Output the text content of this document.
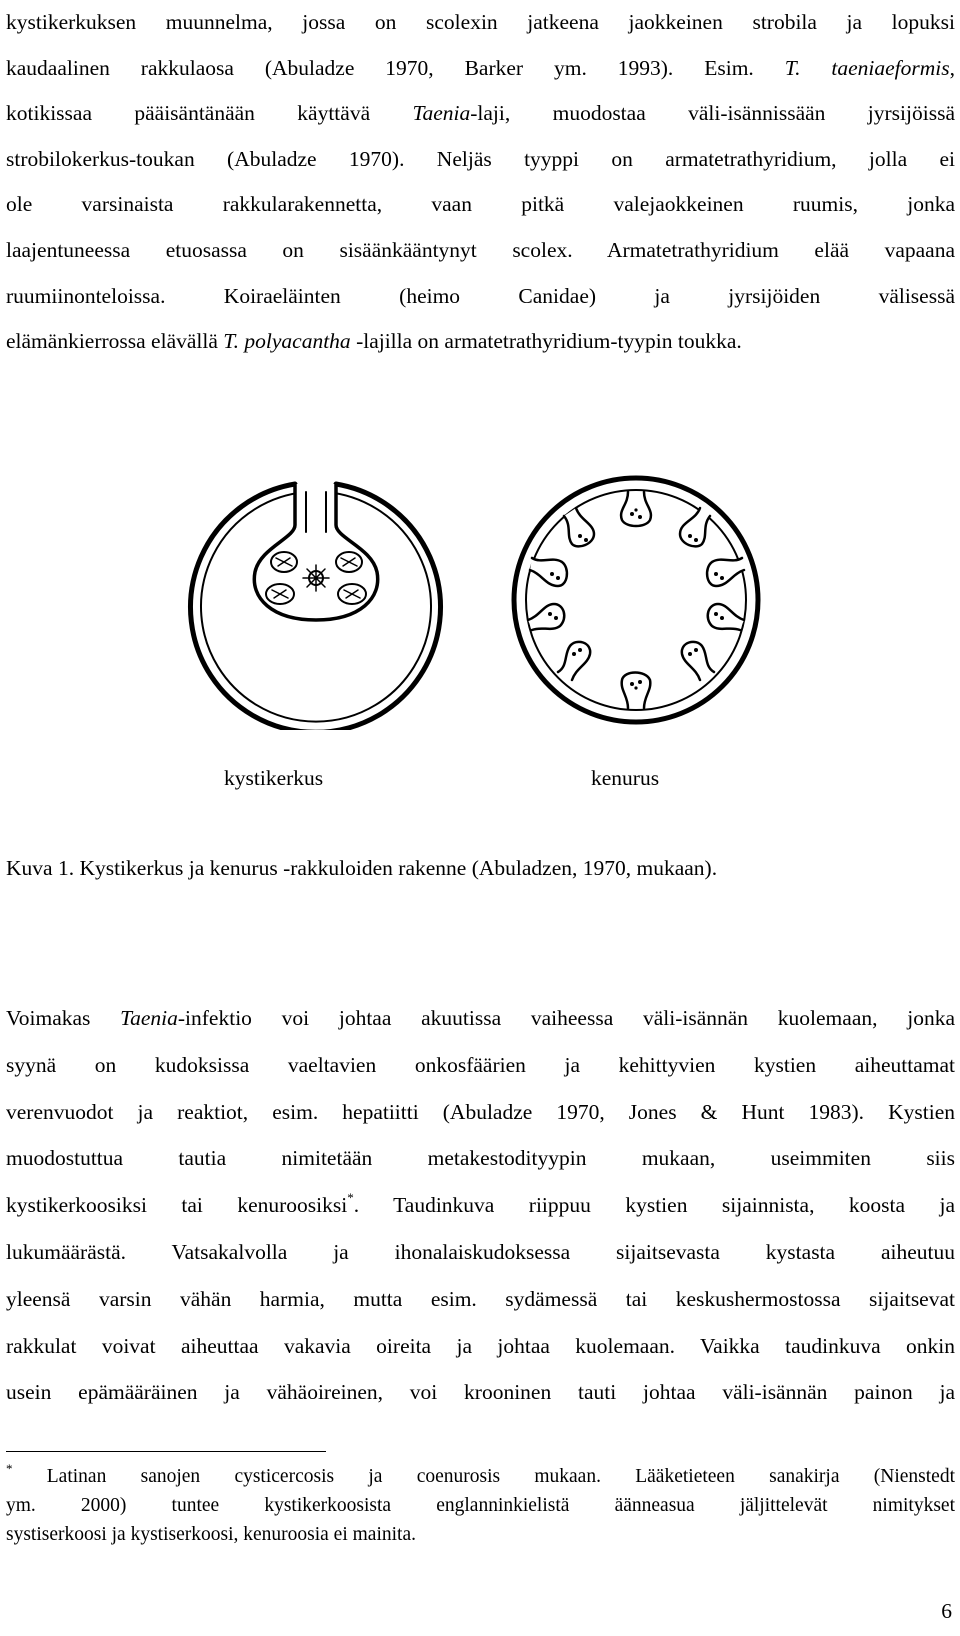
kystikerkuksen muunnelma, jossa on scolexin jatkeena jaokkeinen strobila ja lopuksi
kaudaalinen rakkulaosa (Abuladze 1970, Barker ym. 1993). Esim. T. taeniaeformis,
kotikissaa pääisäntänään käyttävä Taenia-laji, muodostaa väli-isännissään jyrsijöissä
strobilokerkus-toukan (Abuladze 1970). Neljäs tyyppi on armatetrathyridium, jolla ei
ole varsinaista rakkularakennetta, vaan pitkä valejaokkeinen ruumis, jonka
laajentuneessa etuosassa on sisäänkääntynyt scolex. Armatetrathyridium elää vapaana
ruumiinonteloissa. Koiraeläinten (heimo Canidae) ja jyrsijöiden välisessä
elämänkierrossa elävällä T. polyacantha -lajilla on armatetrathyridium-tyypin toukka.
kystikerkus	kenurus
Kuva 1. Kystikerkus ja kenurus -rakkuloiden rakenne (Abuladzen, 1970, mukaan).
Voimakas Taenia-infektio voi johtaa akuutissa vaiheessa väli-isännän kuolemaan, jonka
syynä on kudoksissa vaeltavien onkosfäärien ja kehittyvien kystien aiheuttamat
verenvuodot ja reaktiot, esim. hepatiitti (Abuladze 1970, Jones & Hunt 1983). Kystien
muodostuttua tautia nimitetään metakestodityypin mukaan, useimmiten siis
kystikerkoosiksi tai kenuroosiksi*. Taudinkuva riippuu kystien sijainnista, koosta ja
lukumäärästä. Vatsakalvolla ja ihonalaiskudoksessa sijaitsevasta kystasta aiheutuu
yleensä varsin vähän harmia, mutta esim. sydämessä tai keskushermostossa sijaitsevat
rakkulat voivat aiheuttaa vakavia oireita ja johtaa kuolemaan. Vaikka taudinkuva onkin
usein epämääräinen ja vähäoireinen, voi krooninen tauti johtaa väli-isännän painon ja
* Latinan sanojen cysticercosis ja coenurosis mukaan. Lääketieteen sanakirja (Nienstedt
ym. 2000) tuntee kystikerkoosista englanninkielistä äänneasua jäljittelevät nimitykset
systiserkoosi ja kystiserkoosi, kenuroosia ei mainita.
6
